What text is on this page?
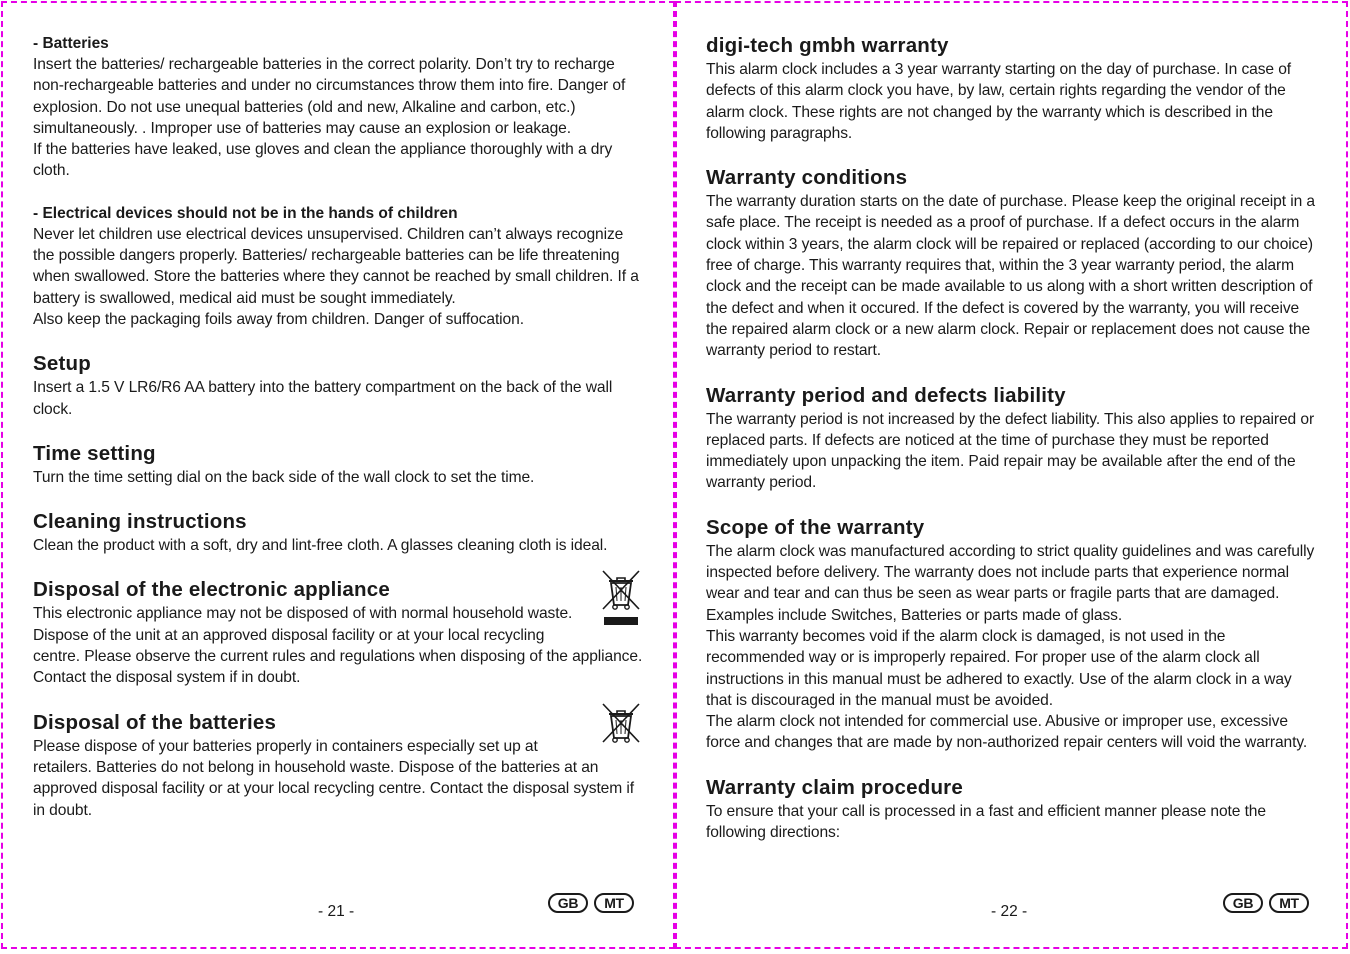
- Batteries

Insert the batteries/ rechargeable batteries in the correct polarity. Don’t try to recharge non-rechargeable batteries and under no circumstances throw them into fire. Danger of explosion. Do not use unequal batteries (old and new, Alkaline and carbon, etc.) simultaneously. . Improper use of batteries may cause an explosion or leakage.

If the batteries have leaked, use gloves and clean the appliance thoroughly with a dry cloth.

- Electrical devices should not be in the hands of children

Never let children use electrical devices unsupervised. Children can’t always recognize the possible dangers properly. Batteries/ rechargeable batteries can be life threatening when swallowed. Store the batteries where they cannot be reached by small children. If a battery is swallowed, medical aid must be sought immediately.

Also keep the packaging foils away from children. Danger of suffocation.

Setup

Insert a 1.5 V LR6/R6 AA battery into the battery compartment on the back of the wall clock.

Time setting

Turn the time setting dial on the back side of the wall clock to set the time.

Cleaning instructions

Clean the product with a soft, dry and lint-free cloth. A glasses cleaning cloth is ideal.

Disposal of the electronic appliance

This electronic appliance may not be disposed of with normal household waste. Dispose of the unit at an approved disposal facility or at your local recycling centre. Please observe the current rules and regulations when disposing of the appliance. Contact the disposal system if in doubt.

Disposal of the batteries

Please dispose of your batteries properly in containers especially set up at retailers. Batteries do not belong in household waste. Dispose of the batteries at an approved disposal facility or at your local recycling centre. Contact the disposal system if in doubt.

- 21 -	GB	MT
digi-tech gmbh warranty

This alarm clock includes a 3 year warranty starting on the day of purchase. In case of defects of this alarm clock you have, by law, certain rights regarding the vendor of the alarm clock. These rights are not changed by the warranty which is described in the following paragraphs.

Warranty conditions

The warranty duration starts on the date of purchase. Please keep the original receipt in a safe place. The receipt is needed as a proof of purchase. If a defect occurs in the alarm clock within 3 years, the alarm clock will be repaired or replaced (according to our choice) free of charge. This warranty requires that, within the 3 year warranty period, the alarm clock and the receipt can be made available to us along with a short written description of the defect and when it occured. If the defect is covered by the warranty, you will receive the repaired alarm clock or a new alarm clock. Repair or replacement does not cause the warranty period to restart.

Warranty period and defects liability

The warranty period is not increased by the defect liability. This also applies to repaired or replaced parts. If defects are noticed at the time of purchase they must be reported immediately upon unpacking the item. Paid repair may be available after the end of the warranty period.

Scope of the warranty

The alarm clock was manufactured according to strict quality guidelines and was carefully inspected before delivery. The warranty does not include parts that experience normal wear and tear and can thus be seen as wear parts or fragile parts that are damaged. Examples include Switches, Batteries or parts made of glass.

This warranty becomes void if the alarm clock is damaged, is not used in the recommended way or is improperly repaired. For proper use of the alarm clock all instructions in this manual must be adhered to exactly. Use of the alarm clock in a way that is discouraged in the manual must be avoided.

The alarm clock not intended for commercial use. Abusive or improper use, excessive force and changes that are made by non-authorized repair centers will void the warranty.

Warranty claim procedure

To ensure that your call is processed in a fast and efficient manner please note the following directions:

- 22 -	GB	MT
